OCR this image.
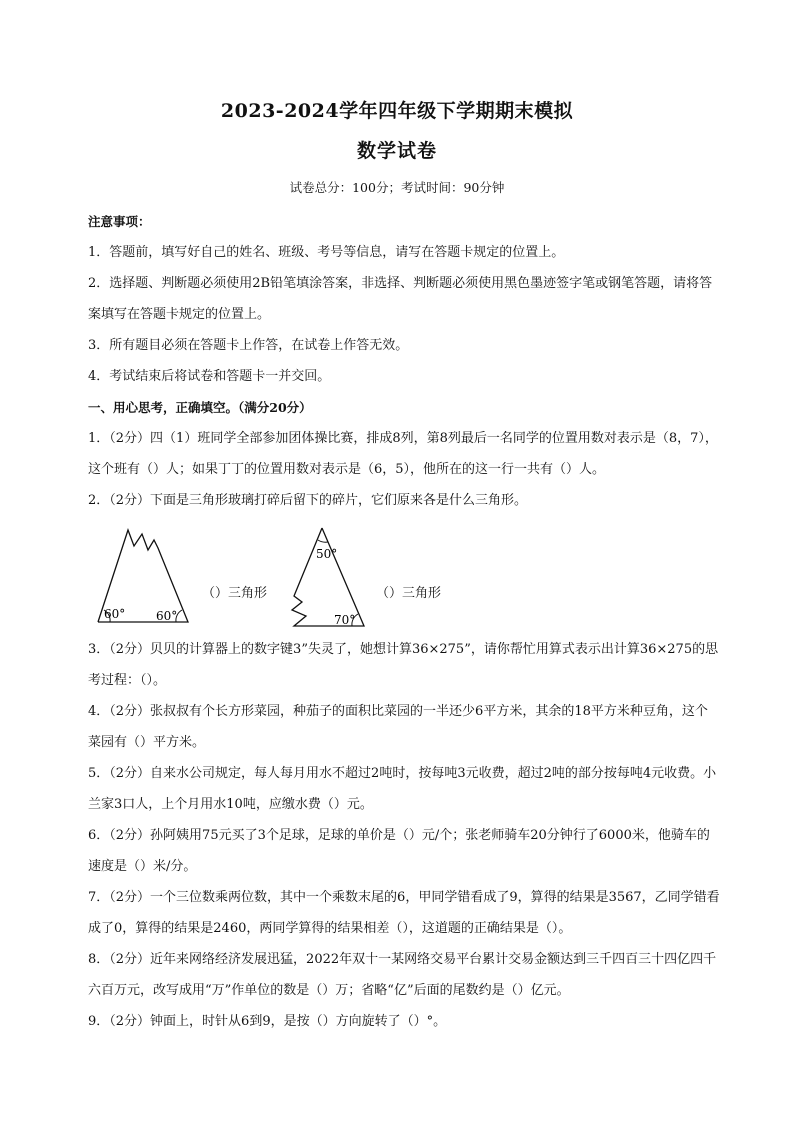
2023-2024学年四年级下学期期末模拟
数学试卷
试卷总分：100分；考试时间：90分钟

注意事项：

1．答题前，填写好自己的姓名、班级、考号等信息，请写在答题卡规定的位置上。

2．选择题、判断题必须使用2B铅笔填涂答案，非选择、判断题必须使用黑色墨迹签字笔或钢笔答题，请将答案填写在答题卡规定的位置上。

3．所有题目必须在答题卡上作答，在试卷上作答无效。

4．考试结束后将试卷和答题卡一并交回。

一、用心思考，正确填空。（满分20分）

1．（2分）四（1）班同学全部参加团体操比赛，排成8列，第8列最后一名同学的位置用数对表示是（8，7），这个班有（）人；如果丁丁的位置用数对表示是（6，5），他所在的这一行一共有（）人。

2．（2分）下面是三角形玻璃打碎后留下的碎片，它们原来各是什么三角形。

60°	60°
50°
70°
（）三角形	（）三角形

3．（2分）贝贝的计算器上的数字键3”失灵了，她想计算36×275”，请你帮忙用算式表示出计算36×275的思考过程：（）。

4．（2分）张叔叔有个长方形菜园，种茄子的面积比菜园的一半还少6平方米，其余的18平方米种豆角，这个菜园有（）平方米。

5．（2分）自来水公司规定，每人每月用水不超过2吨时，按每吨3元收费，超过2吨的部分按每吨4元收费。小兰家3口人，上个月用水10吨，应缴水费（）元。

6．（2分）孙阿姨用75元买了3个足球，足球的单价是（）元/个；张老师骑车20分钟行了6000米，他骑车的速度是（）米/分。

7．（2分）一个三位数乘两位数，其中一个乘数末尾的6，甲同学错看成了9，算得的结果是3567，乙同学错看成了0，算得的结果是2460，两同学算得的结果相差（），这道题的正确结果是（）。

8．（2分）近年来网络经济发展迅猛，2022年双十一某网络交易平台累计交易金额达到三千四百三十四亿四千六百万元，改写成用“万”作单位的数是（）万；省略“亿”后面的尾数约是（）亿元。

9．（2分）钟面上，时针从6到9，是按（）方向旋转了（）°。
